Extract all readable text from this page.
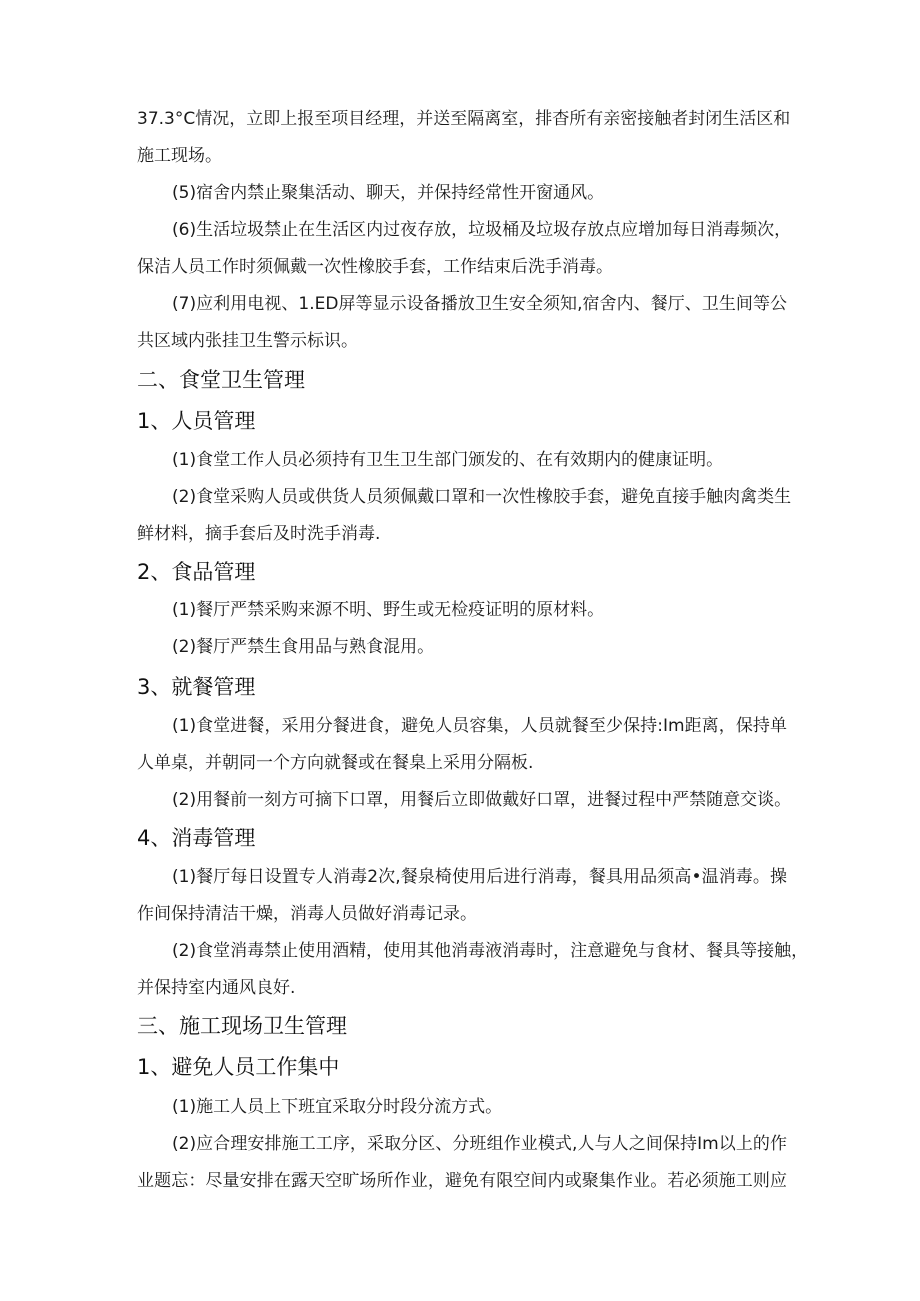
37.3°C情况，立即上报至项目经理，并送至隔离室，排杳所有亲密接触者封闭生活区和
施工现场。
(5)宿舍内禁止聚集活动、聊天，并保持经常性开窗通风。
(6)生活垃圾禁止在生活区内过夜存放，垃圾桶及垃圾存放点应增加每日消毒频次，
保洁人员工作时须佩戴一次性橡胶手套，工作结束后洗手消毒。
(7)应利用电视、1.ED屏等显示设备播放卫生安全须知,宿舍内、餐厅、卫生间等公
共区域内张挂卫生警示标识。
二、食堂卫生管理
1、人员管理
(1)食堂工作人员必须持有卫生卫生部门颁发的、在有效期内的健康证明。
(2)食堂采购人员或供货人员须佩戴口罩和一次性橡胶手套，避免直接手触肉禽类生
鲜材料，摘手套后及时洗手消毒.
2、食品管理
(1)餐厅严禁采购来源不明、野生或无检疫证明的原材料。
(2)餐厅严禁生食用品与熟食混用。
3、就餐管理
(1)食堂进餐，采用分餐进食，避免人员容集，人员就餐至少保持:Im距离，保持单
人单桌，并朝同一个方向就餐或在餐臬上采用分隔板.
(2)用餐前一刻方可摘下口罩，用餐后立即做戴好口罩，进餐过程中严禁随意交谈。
4、消毒管理
(1)餐厅每日设置专人消毒2次,餐泉椅使用后进行消毒，餐具用品须高•温消毒。操
作间保持清洁干燥，消毒人员做好消毒记录。
(2)食堂消毒禁止使用酒精，使用其他消毒液消毒时，注意避免与食材、餐具等接触，
并保持室内通风良好.
三、施工现场卫生管理
1、避免人员工作集中
(1)施工人员上下班宜采取分时段分流方式。
(2)应合理安排施工工序，采取分区、分班组作业模式,人与人之间保持Im以上的作
业题忘：尽量安排在露天空旷场所作业，避免有限空间内或聚集作业。若必须施工则应
